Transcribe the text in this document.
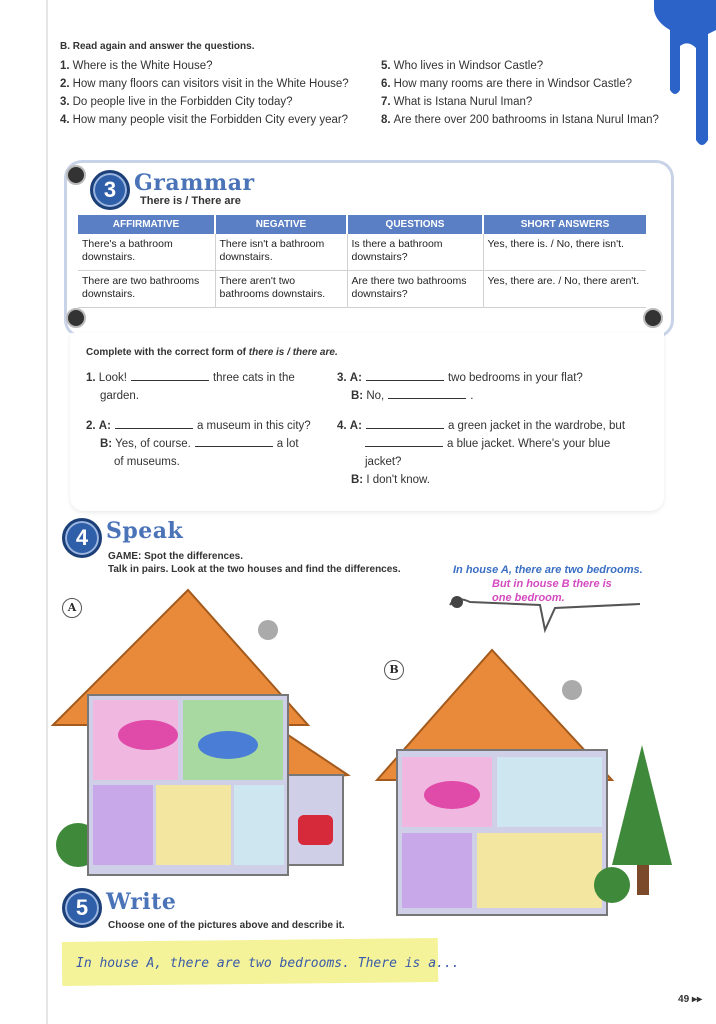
B. Read again and answer the questions.
1. Where is the White House?
2. How many floors can visitors visit in the White House?
3. Do people live in the Forbidden City today?
4. How many people visit the Forbidden City every year?
5. Who lives in Windsor Castle?
6. How many rooms are there in Windsor Castle?
7. What is Istana Nurul Iman?
8. Are there over 200 bathrooms in Istana Nurul Iman?
3 Grammar
There is / There are
AFFIRMATIVE	NEGATIVE	QUESTIONS	SHORT ANSWERS
There's a bathroom downstairs.	There isn't a bathroom downstairs.	Is there a bathroom downstairs?	Yes, there is. / No, there isn't.
There are two bathrooms downstairs.	There aren't two bathrooms downstairs.	Are there two bathrooms downstairs?	Yes, there are. / No, there aren't.
Complete with the correct form of there is / there are.
1. Look!	three cats in the
garden.
2. A:	a museum in this city?
B: Yes, of course.	a lot
of museums.
3. A:	two bedrooms in your flat?
B: No,	.
4. A:	a green jacket in the wardrobe, but
a blue jacket. Where's your blue
jacket?
B: I don't know.
4 Speak
GAME: Spot the differences.
Talk in pairs. Look at the two houses and find the differences.	In house A, there are two bedrooms.
But in house B there is
one bedroom.
A
B
5 Write
Choose one of the pictures above and describe it.
In house A, there are two bedrooms. There is a...
49 ▸▸
